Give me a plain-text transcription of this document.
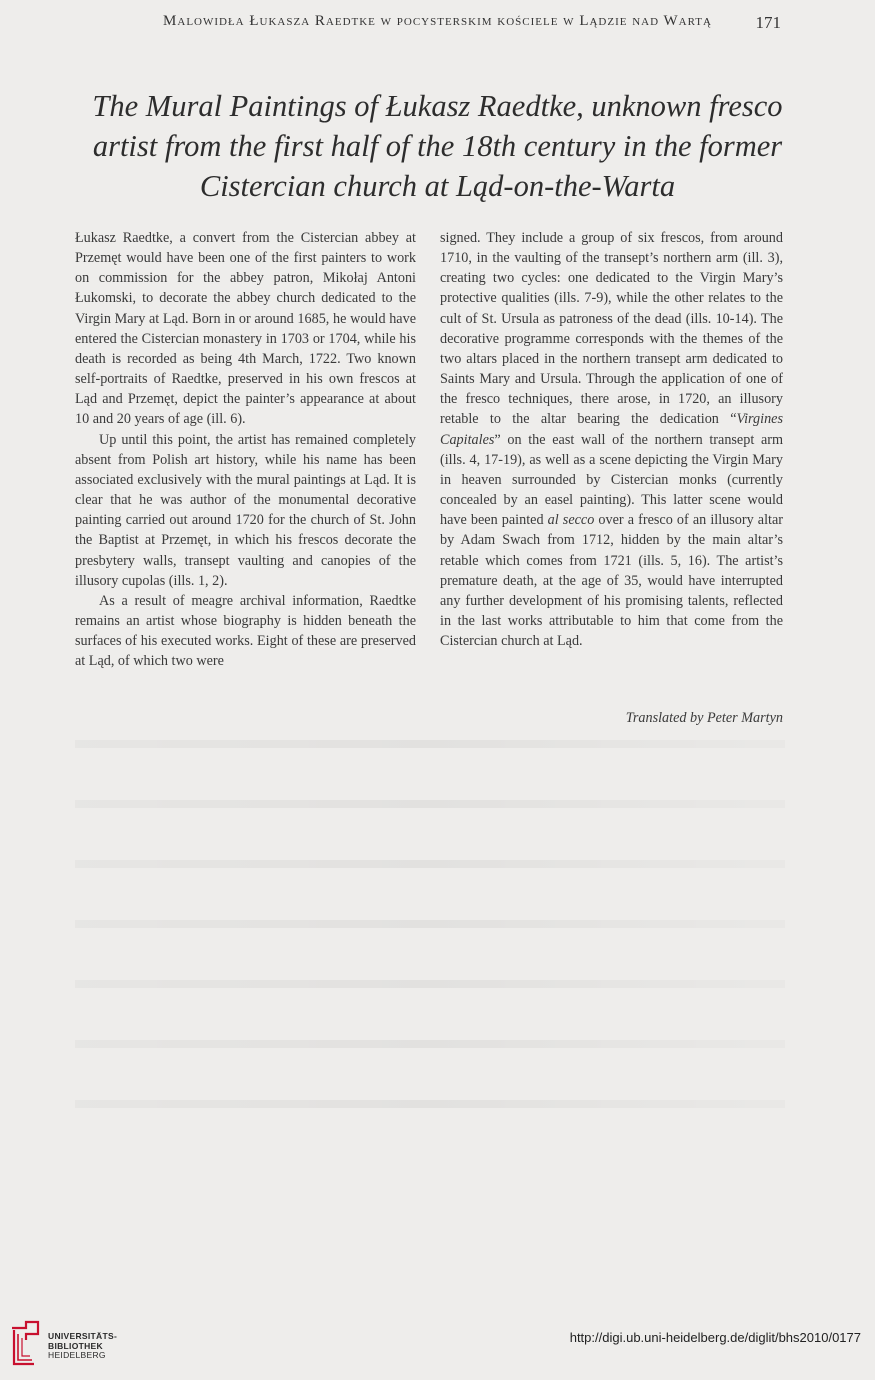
Malowidła Łukasza Raedtke w pocysterskim kościele w Lądzie nad Wartą	171
The Mural Paintings of Łukasz Raedtke, unknown fresco artist from the first half of the 18th century in the former Cistercian church at Ląd-on-the-Warta

Łukasz Raedtke, a convert from the Cistercian abbey at Przemęt would have been one of the first painters to work on commission for the abbey patron, Mikołaj Antoni Łukomski, to decorate the abbey church dedicated to the Virgin Mary at Ląd. Born in or around 1685, he would have entered the Cistercian monastery in 1703 or 1704, while his death is recorded as being 4th March, 1722. Two known self-portraits of Raedtke, preserved in his own frescos at Ląd and Przemęt, depict the painter’s appearance at about 10 and 20 years of age (ill. 6).

Up until this point, the artist has remained completely absent from Polish art history, while his name has been associated exclusively with the mural paintings at Ląd. It is clear that he was author of the monumental decorative painting carried out around 1720 for the church of St. John the Baptist at Przemęt, in which his frescos decorate the presbytery walls, transept vaulting and canopies of the illusory cupolas (ills. 1, 2).

As a result of meagre archival information, Raedtke remains an artist whose biography is hidden beneath the surfaces of his executed works. Eight of these are preserved at Ląd, of which two were

signed. They include a group of six frescos, from around 1710, in the vaulting of the transept’s northern arm (ill. 3), creating two cycles: one dedicated to the Virgin Mary’s protective qualities (ills. 7-9), while the other relates to the cult of St. Ursula as patroness of the dead (ills. 10-14). The decorative programme corresponds with the themes of the two altars placed in the northern transept arm dedicated to Saints Mary and Ursula. Through the application of one of the fresco techniques, there arose, in 1720, an illusory retable to the altar bearing the dedication “Virgines Capitales” on the east wall of the northern transept arm (ills. 4, 17-19), as well as a scene depicting the Virgin Mary in heaven surrounded by Cistercian monks (currently concealed by an easel painting). This latter scene would have been painted al secco over a fresco of an illusory altar by Adam Swach from 1712, hidden by the main altar’s retable which comes from 1721 (ills. 5, 16). The artist’s premature death, at the age of 35, would have interrupted any further development of his promising talents, reflected in the last works attributable to him that come from the Cistercian church at Ląd.

Translated by Peter Martyn
UNIVERSITÄTS-
BIBLIOTHEK
HEIDELBERG
http://digi.ub.uni-heidelberg.de/diglit/bhs2010/0177
